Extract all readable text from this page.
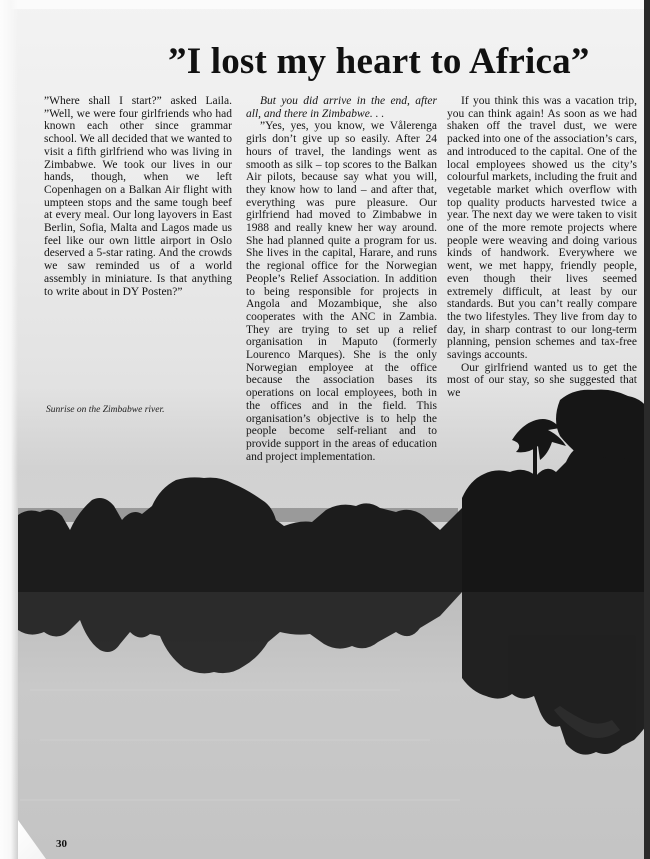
”I lost my heart to Africa”

”Where shall I start?” asked Laila. ”Well, we were four girlfriends who had known each other since grammar school. We all decided that we wanted to visit a fifth girlfriend who was living in Zimbabwe. We took our lives in our hands, though, when we left Copenhagen on a Balkan Air flight with umpteen stops and the same tough beef at every meal. Our long layovers in East Berlin, Sofia, Malta and Lagos made us feel like our own little airport in Oslo deserved a 5-star rating. And the crowds we saw reminded us of a world assembly in miniature. Is that anything to write about in DY Posten?”

But you did arrive in the end, after all, and there in Zimbabwe. . .

”Yes, yes, you know, we Vålerenga girls don’t give up so easily. After 24 hours of travel, the landings went as smooth as silk – top scores to the Balkan Air pilots, because say what you will, they know how to land – and after that, everything was pure pleasure. Our girlfriend had moved to Zimbabwe in 1988 and really knew her way around. She had planned quite a program for us. She lives in the capital, Harare, and runs the regional office for the Norwegian People’s Relief Association. In addition to being responsible for projects in Angola and Mozambique, she also cooperates with the ANC in Zambia. They are trying to set up a relief organisation in Maputo (formerly Lourenco Marques). She is the only Norwegian employee at the office because the association bases its operations on local employees, both in the offices and in the field. This organisation’s objective is to help the people become self-reliant and to provide support in the areas of education and project implementation.

If you think this was a vacation trip, you can think again! As soon as we had shaken off the travel dust, we were packed into one of the association’s cars, and introduced to the capital. One of the local employees showed us the city’s colourful markets, including the fruit and vegetable market which overflow with top quality products harvested twice a year. The next day we were taken to visit one of the more remote projects where people were weaving and doing various kinds of handwork. Everywhere we went, we met happy, friendly people, even though their lives seemed extremely difficult, at least by our standards. But you can’t really compare the two lifestyles. They live from day to day, in sharp contrast to our long-term planning, pension schemes and tax-free savings accounts.

Our girlfriend wanted us to get the most of our stay, so she suggested that we

Sunrise on the Zimbabwe river.

30
